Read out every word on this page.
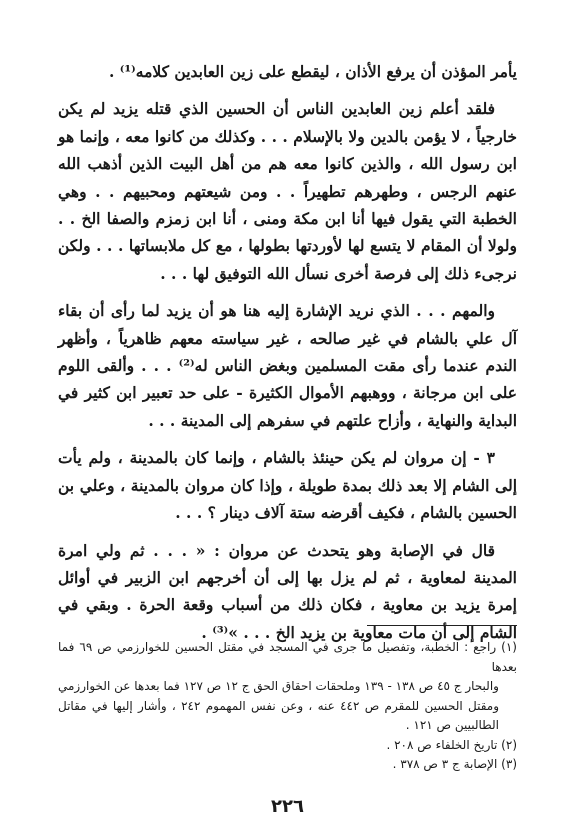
يأمر المؤذن أن يرفع الأذان ، ليقطع على زين العابدين كلامه⁽¹⁾ .

فلقد أعلم زين العابدين الناس أن الحسين الذي قتله يزيد لم يكن خارجياً ، لا يؤمن بالدين ولا بالإسلام . . . وكذلك من كانوا معه ، وإنما هو ابن رسول الله ، والذين كانوا معه هم من أهل البيت الذين أذهب الله عنهم الرجس ، وطهرهم تطهيراً . . ومن شيعتهم ومحبيهم . . وهي الخطبة التي يقول فيها أنا ابن مكة ومنى ، أنا ابن زمزم والصفا الخ . . ولولا أن المقام لا يتسع لها لأوردتها بطولها ، مع كل ملابساتها . . . ولكن نرجىء ذلك إلى فرصة أخرى نسأل الله التوفيق لها . . .

والمهم . . . الذي نريد الإشارة إليه هنا هو أن يزيد لما رأى أن بقاء آل علي بالشام في غير صالحه ، غير سياسته معهم ظاهرياً ، وأظهر الندم عندما رأى مقت المسلمين وبغض الناس له⁽²⁾ . . . وألقى اللوم على ابن مرجانة ، ووهبهم الأموال الكثيرة - على حد تعبير ابن كثير في البداية والنهاية ، وأزاح علتهم في سفرهم إلى المدينة . . .

٣ - إن مروان لم يكن حينئذ بالشام ، وإنما كان بالمدينة ، ولم يأت إلى الشام إلا بعد ذلك بمدة طويلة ، وإذا كان مروان بالمدينة ، وعلي بن الحسين بالشام ، فكيف أقرضه ستة آلاف دينار ؟ . . .

قال في الإصابة وهو يتحدث عن مروان : « . . . ثم ولي امرة المدينة لمعاوية ، ثم لم يزل بها إلى أن أخرجهم ابن الزبير في أوائل إمرة يزيد بن معاوية ، فكان ذلك من أسباب وقعة الحرة . وبقي في الشام إلى أن مات معاوية بن يزيد الخ . . . »⁽³⁾ .

(١) راجع : الخطبة، وتفصيل ما جرى في المسجد في مقتل الحسين للخوارزمي ص ٦٩ فما بعدها

والبحار ج ٤٥ ص ١٣٨ - ١٣٩ وملحقات احقاق الحق ج ١٢ ص ١٢٧ فما بعدها عن الخوارزمي ومقتل الحسين للمقرم ص ٤٤٢ عنه ، وعن نفس المهموم ٢٤٢ ، وأشار إليها في مقاتل الطالبيين ص ١٢١ .

(٢) تاريخ الخلفاء ص ٢٠٨ .

(٣) الإصابة ج ٣ ص ٣٧٨ .

٢٢٦
